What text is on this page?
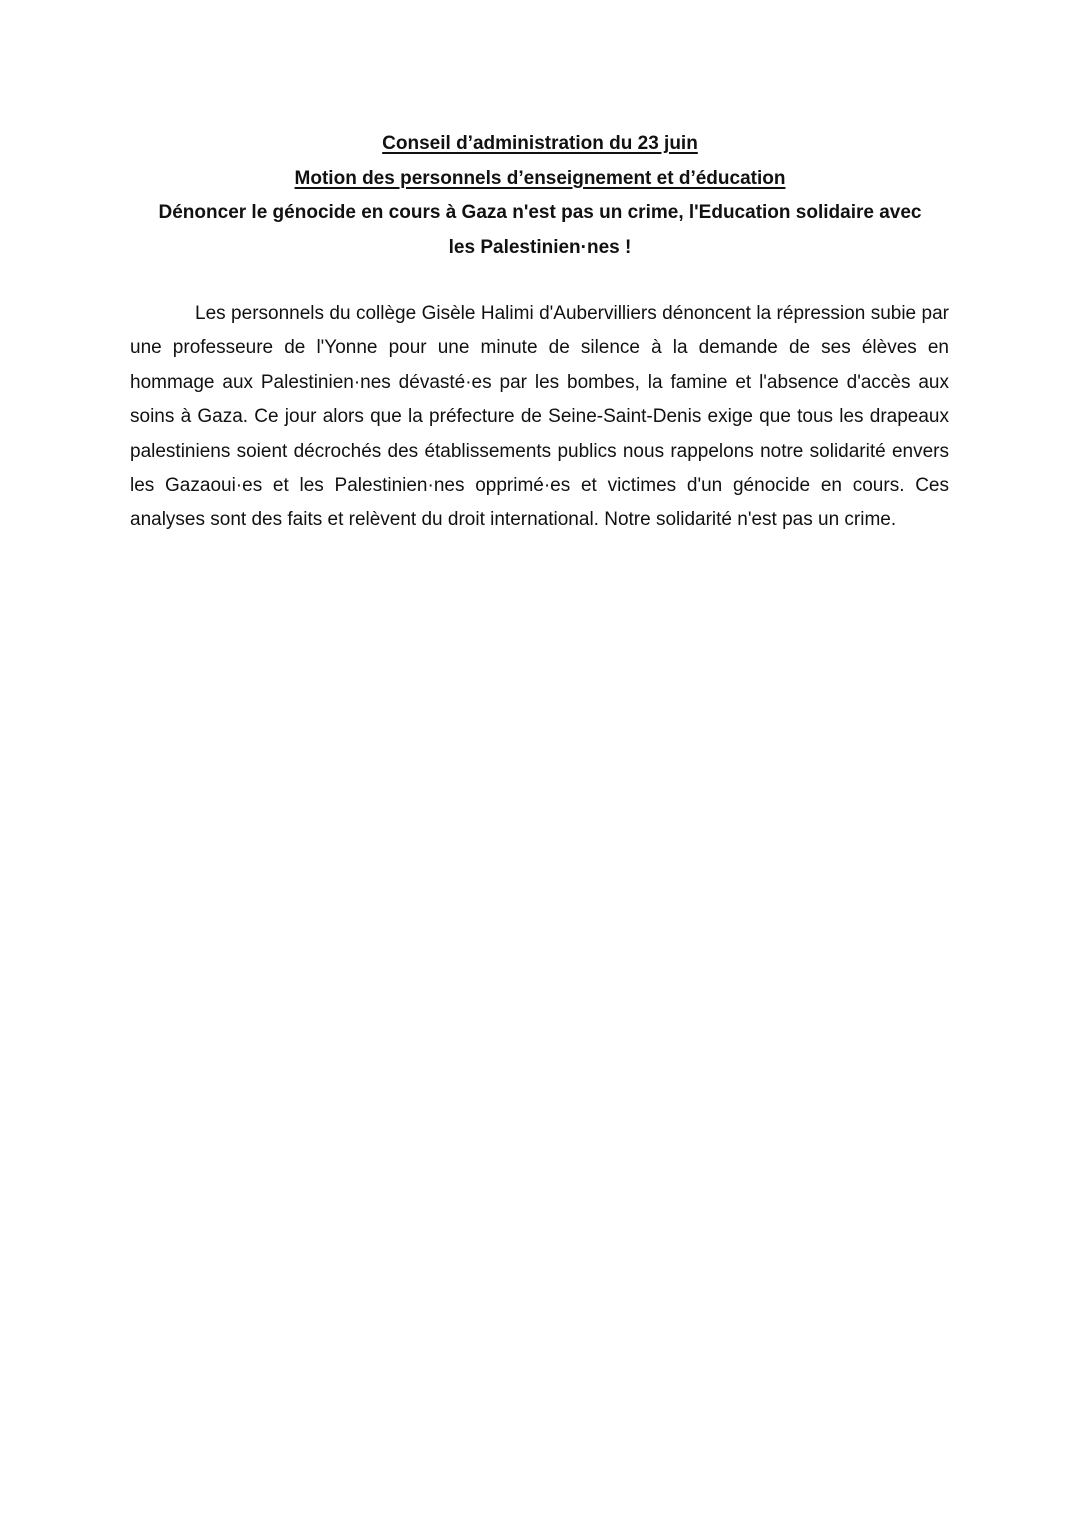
Conseil d’administration du 23 juin
Motion des personnels d’enseignement et d’éducation
Dénoncer le génocide en cours à Gaza n'est pas un crime, l'Education solidaire avec
les Palestinien·nes !

Les personnels du collège Gisèle Halimi d'Aubervilliers dénoncent la répression subie par une professeure de l'Yonne pour une minute de silence à la demande de ses élèves en hommage aux Palestinien·nes dévasté·es par les bombes, la famine et l'absence d'accès aux soins à Gaza. Ce jour alors que la préfecture de Seine-Saint-Denis exige que tous les drapeaux palestiniens soient décrochés des établissements publics nous rappelons notre solidarité envers les Gazaoui·es et les Palestinien·nes opprimé·es et victimes d'un génocide en cours. Ces analyses sont des faits et relèvent du droit international. Notre solidarité n'est pas un crime.
